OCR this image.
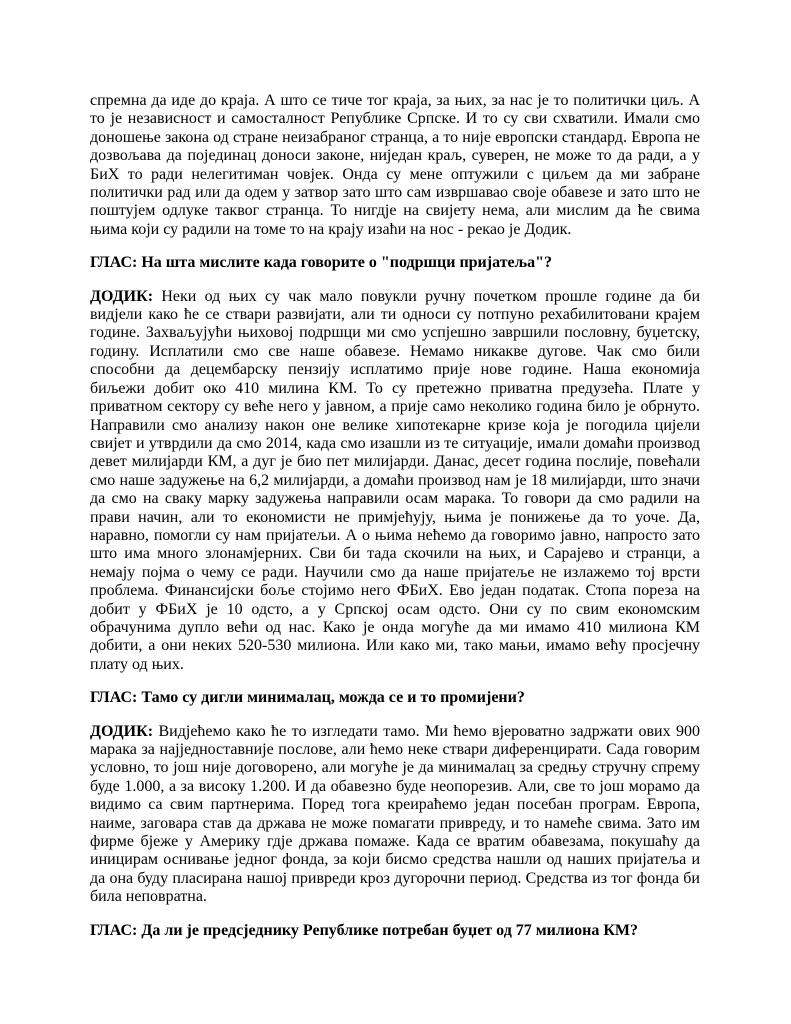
спремна да иде до краја. А што се тиче тог краја, за њих, за нас је то политички циљ. А то је независност и самосталност Републике Српске. И то су сви схватили. Имали смо доношење закона од стране неизабраног странца, а то није европски стандард. Европа не дозвољава да појединац доноси законе, ниједан краљ, суверен, не може то да ради, а у БиХ то ради нелегитиман човјек. Онда су мене оптужили с циљем да ми забране политички рад или да одем у затвор зато што сам извршавао своје обавезе и зато што не поштујем одлуке таквог странца. То нигдје на свијету нема, али мислим да ће свима њима који су радили на томе то на крају изаћи на нос - рекао је Додик.

ГЛАС: На шта мислите када говорите о "подршци пријатеља"?

ДОДИК: Неки од њих су чак мало повукли ручну почетком прошле године да би видјели како ће се ствари развијати, али ти односи су потпуно рехабилитовани крајем године. Захваљујући њиховој подршци ми смо успјешно завршили пословну, буџетску, годину. Исплатили смо све наше обавезе. Немамо никакве дугове. Чак смо били способни да децембарску пензију исплатимо прије нове године. Наша економија биљежи добит око 410 милина КМ. То су претежно приватна предузећа. Плате у приватном сектору су веће него у јавном, а прије само неколико година било је обрнуто. Направили смо анализу након оне велике хипотекарне кризе која је погодила цијели свијет и утврдили да смо 2014, када смо изашли из те ситуације, имали домаћи производ девет милијарди КМ, а дуг је био пет милијарди. Данас, десет година послије, повећали смо наше задужење на 6,2 милијарди, а домаћи производ нам је 18 милијарди, што значи да смо на сваку марку задужења направили осам марака. То говори да смо радили на прави начин, али то економисти не примјећују, њима је понижење да то уоче. Да, наравно, помогли су нам пријатељи. А о њима нећемо да говоримо јавно, напросто зато што има много злонамјерних. Сви би тада скочили на њих, и Сарајево и странци, а немају појма о чему се ради. Научили смо да наше пријатеље не излажемо тој врсти проблема. Финансијски боље стојимо него ФБиХ. Ево један податак. Стопа пореза на добит у ФБиХ је 10 одсто, а у Српској осам одсто. Они су по свим економским обрачунима дупло већи од нас. Како је онда могуће да ми имамо 410 милиона КМ добити, а они неких 520-530 милиона. Или како ми, тако мањи, имамо већу просјечну плату од њих.

ГЛАС: Тамо су дигли минималац, можда се и то промијени?

ДОДИК: Видјећемо како ће то изгледати тамо. Ми ћемо вјероватно задржати ових 900 марака за најједноставније послове, али ћемо неке ствари диференцирати. Сада говорим условно, то још није договорено, али могуће је да минималац за средњу стручну спрему буде 1.000, а за високу 1.200. И да обавезно буде неопорезив. Али, све то још морамо да видимо са свим партнерима. Поред тога креираћемо један посебан програм. Европа, наиме, заговара став да држава не може помагати привреду, и то намеће свима. Зато им фирме бјеже у Америку гдје држава помаже. Када се вратим обавезама, покушаћу да иницирам оснивање једног фонда, за који бисмо средства нашли од наших пријатеља и да она буду пласирана нашој привреди кроз дугорочни период. Средства из тог фонда би била неповратна.

ГЛАС: Да ли је предсједнику Републике потребан буџет од 77 милиона КМ?
